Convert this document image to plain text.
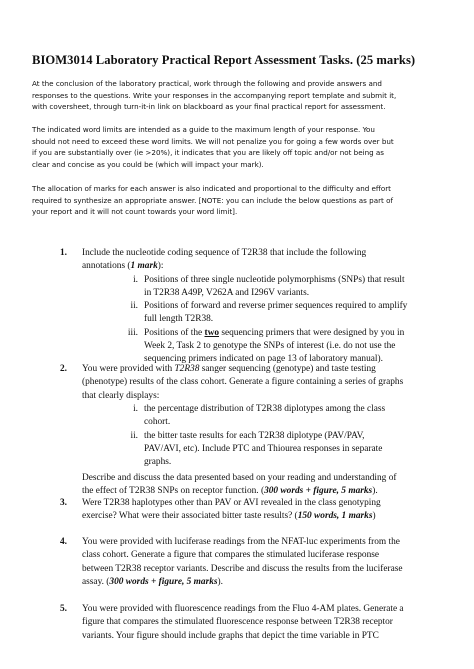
BIOM3014 Laboratory Practical Report Assessment Tasks. (25 marks)
At the conclusion of the laboratory practical, work through the following and provide answers and
responses to the questions. Write your responses in the accompanying report template and submit it,
with coversheet, through turn-it-in link on blackboard as your final practical report for assessment.
The indicated word limits are intended as a guide to the maximum length of your response. You
should not need to exceed these word limits. We will not penalize you for going a few words over but
if you are substantially over (ie >20%), it indicates that you are likely off topic and/or not being as
clear and concise as you could be (which will impact your mark).
The allocation of marks for each answer is also indicated and proportional to the difficulty and effort
required to synthesize an appropriate answer. [NOTE: you can include the below questions as part of
your report and it will not count towards your word limit].
1. Include the nucleotide coding sequence of T2R38 that include the following
annotations (1 mark):
i. Positions of three single nucleotide polymorphisms (SNPs) that result
in T2R38 A49P, V262A and I296V variants.
ii. Positions of forward and reverse primer sequences required to amplify
full length T2R38.
iii. Positions of the two sequencing primers that were designed by you in
Week 2, Task 2 to genotype the SNPs of interest (i.e. do not use the
sequencing primers indicated on page 13 of laboratory manual).
2. You were provided with T2R38 sanger sequencing (genotype) and taste testing
(phenotype) results of the class cohort. Generate a figure containing a series of graphs
that clearly displays:
i. the percentage distribution of T2R38 diplotypes among the class
cohort.
ii. the bitter taste results for each T2R38 diplotype (PAV/PAV,
PAV/AVI, etc). Include PTC and Thiourea responses in separate
graphs.
Describe and discuss the data presented based on your reading and understanding of
the effect of T2R38 SNPs on receptor function. (300 words + figure, 5 marks).
3. Were T2R38 haplotypes other than PAV or AVI revealed in the class genotyping
exercise? What were their associated bitter taste results? (150 words, 1 marks)
4. You were provided with luciferase readings from the NFAT-luc experiments from the
class cohort. Generate a figure that compares the stimulated luciferase response
between T2R38 receptor variants. Describe and discuss the results from the luciferase
assay. (300 words + figure, 5 marks).
5. You were provided with fluorescence readings from the Fluo 4-AM plates. Generate a
figure that compares the stimulated fluorescence response between T2R38 receptor
variants. Your figure should include graphs that depict the time variable in PTC
